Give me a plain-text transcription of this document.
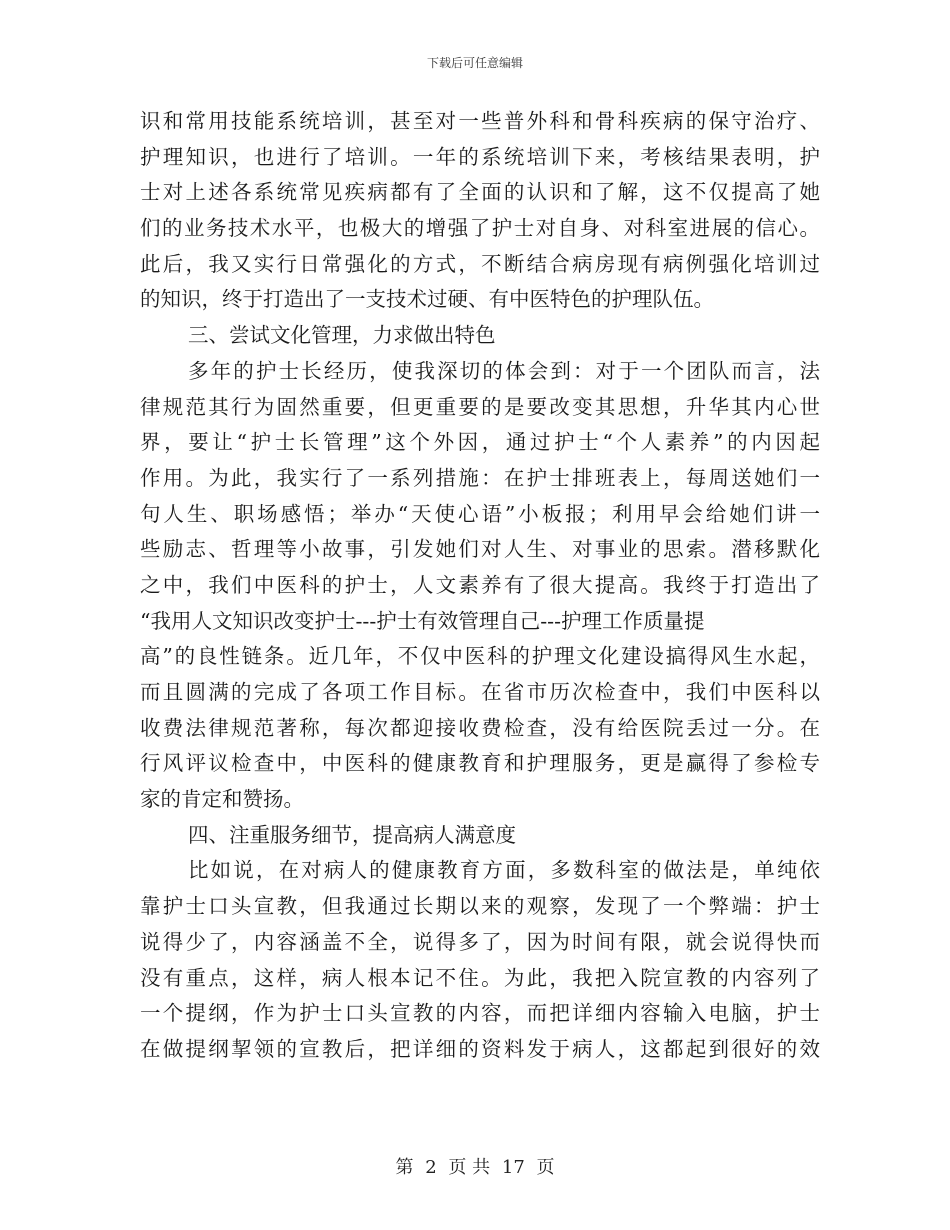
下载后可任意编辑
识和常用技能系统培训，甚至对一些普外科和骨科疾病的保守治疗、
护理知识，也进行了培训。一年的系统培训下来，考核结果表明，护
士对上述各系统常见疾病都有了全面的认识和了解，这不仅提高了她
们的业务技术水平，也极大的增强了护士对自身、对科室进展的信心。
此后，我又实行日常强化的方式，不断结合病房现有病例强化培训过
的知识，终于打造出了一支技术过硬、有中医特色的护理队伍。
三、尝试文化管理，力求做出特色
多年的护士长经历，使我深切的体会到：对于一个团队而言，法
律规范其行为固然重要，但更重要的是要改变其思想，升华其内心世
界，要让“护士长管理”这个外因，通过护士“个人素养”的内因起
作用。为此，我实行了一系列措施：在护士排班表上，每周送她们一
句人生、职场感悟；举办“天使心语”小板报；利用早会给她们讲一
些励志、哲理等小故事，引发她们对人生、对事业的思索。潜移默化
之中，我们中医科的护士，人文素养有了很大提高。我终于打造出了
“我用人文知识改变护士---护士有效管理自己---护理工作质量提
高”的良性链条。近几年，不仅中医科的护理文化建设搞得风生水起，
而且圆满的完成了各项工作目标。在省市历次检查中，我们中医科以
收费法律规范著称，每次都迎接收费检查，没有给医院丢过一分。在
行风评议检查中，中医科的健康教育和护理服务，更是赢得了参检专
家的肯定和赞扬。
四、注重服务细节，提高病人满意度
比如说，在对病人的健康教育方面，多数科室的做法是，单纯依
靠护士口头宣教，但我通过长期以来的观察，发现了一个弊端：护士
说得少了，内容涵盖不全，说得多了，因为时间有限，就会说得快而
没有重点，这样，病人根本记不住。为此，我把入院宣教的内容列了
一个提纲，作为护士口头宣教的内容，而把详细内容输入电脑，护士
在做提纲挈领的宣教后，把详细的资料发于病人，这都起到很好的效
第 2 页 共 17 页
